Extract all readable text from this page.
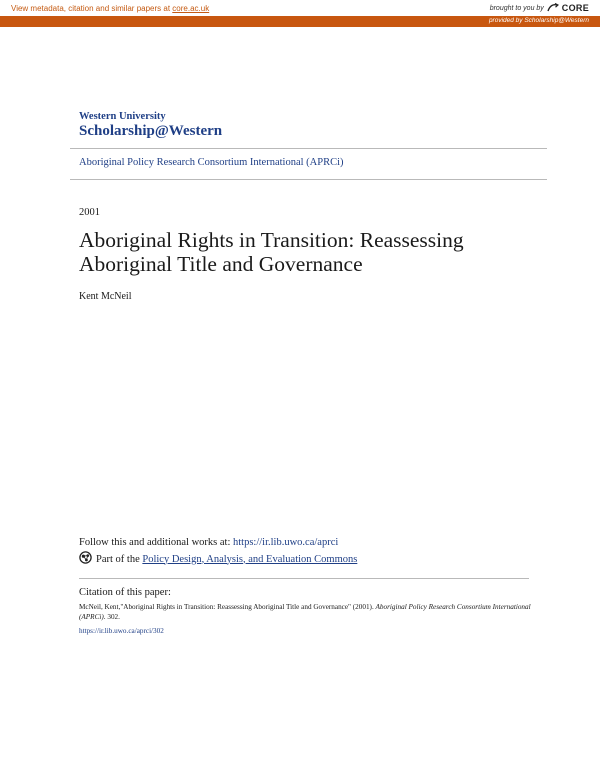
View metadata, citation and similar papers at core.ac.uk	brought to you by CORE
provided by Scholarship@Western
Western University
Scholarship@Western
Aboriginal Policy Research Consortium International (APRCi)
2001
Aboriginal Rights in Transition: Reassessing Aboriginal Title and Governance
Kent McNeil
Follow this and additional works at: https://ir.lib.uwo.ca/aprci
Part of the Policy Design, Analysis, and Evaluation Commons
Citation of this paper:
McNeil, Kent,"Aboriginal Rights in Transition: Reassessing Aboriginal Title and Governance" (2001). Aboriginal Policy Research Consortium International (APRCi). 302.
https://ir.lib.uwo.ca/aprci/302
